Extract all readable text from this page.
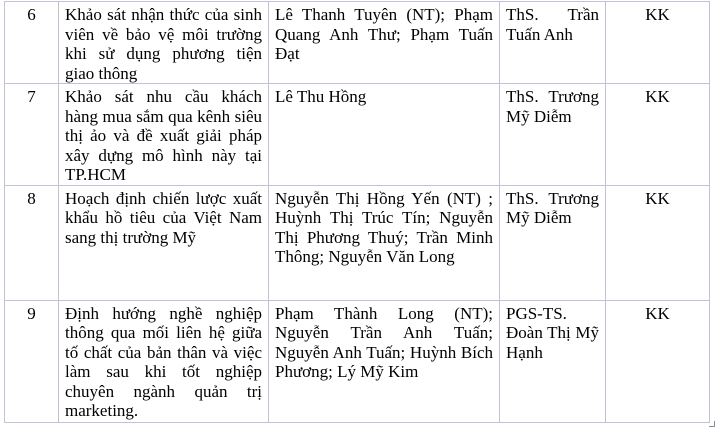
6	Khảo sát nhận thức của sinh viên về bảo vệ môi trường khi sử dụng phương tiện giao thông	Lê Thanh Tuyên (NT); Phạm Quang Anh Thư; Phạm Tuấn Đạt	ThS. Trần Tuấn Anh	KK
7	Khảo sát nhu cầu khách hàng mua sắm qua kênh siêu thị ảo và đề xuất giải pháp xây dựng mô hình này tại TP.HCM	Lê Thu Hồng	ThS. Trương Mỹ Diễm	KK
8	Hoạch định chiến lược xuất khẩu hồ tiêu của Việt Nam sang thị trường Mỹ	Nguyễn Thị Hồng Yến (NT) ; Huỳnh Thị Trúc Tín; Nguyễn Thị Phương Thuý; Trần Minh Thông; Nguyễn Văn Long	ThS. Trương Mỹ Diễm	KK
9	Định hướng nghề nghiệp thông qua mối liên hệ giữa tố chất của bản thân và việc làm sau khi tốt nghiệp chuyên ngành quản trị marketing.	Phạm Thành Long (NT); Nguyễn Trần Anh Tuấn; Nguyễn Anh Tuấn; Huỳnh Bích Phương; Lý Mỹ Kim	PGS-TS. Đoàn Thị Mỹ Hạnh	KK
